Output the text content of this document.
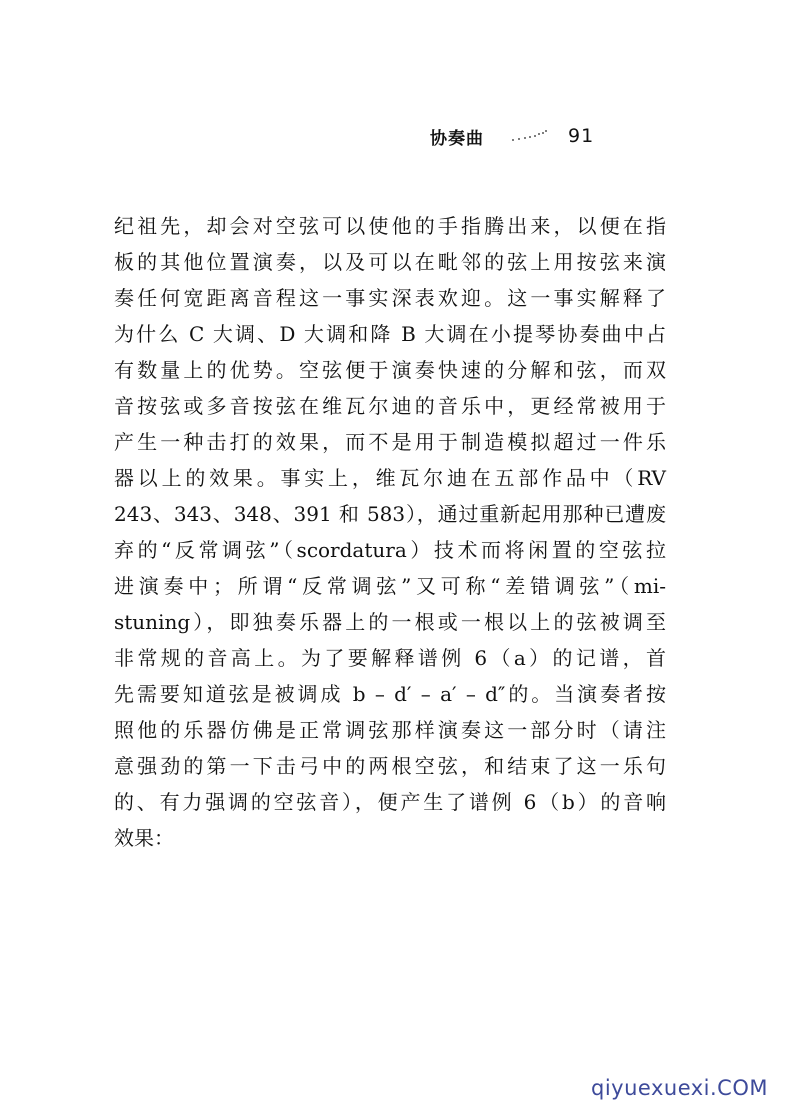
协奏曲	91
纪祖先，却会对空弦可以使他的手指腾出来，以便在指
板的其他位置演奏，以及可以在毗邻的弦上用按弦来演
奏任何宽距离音程这一事实深表欢迎。这一事实解释了
为什么 C 大调、D 大调和降 B 大调在小提琴协奏曲中占
有数量上的优势。空弦便于演奏快速的分解和弦，而双
音按弦或多音按弦在维瓦尔迪的音乐中，更经常被用于
产生一种击打的效果，而不是用于制造模拟超过一件乐
器以上的效果。事实上，维瓦尔迪在五部作品中（RV
243、343、348、391 和 583），通过重新起用那种已遭废
弃的“反常调弦”（scordatura）技术而将闲置的空弦拉
进演奏中；所谓“反常调弦”又可称“差错调弦”（mi-
stuning），即独奏乐器上的一根或一根以上的弦被调至
非常规的音高上。为了要解释谱例 6（a）的记谱，首
先需要知道弦是被调成 b – d′ – a′ – d″的。当演奏者按
照他的乐器仿佛是正常调弦那样演奏这一部分时（请注
意强劲的第一下击弓中的两根空弦，和结束了这一乐句
的、有力强调的空弦音），便产生了谱例 6（b）的音响
效果：
qiyuexuexi.COM
